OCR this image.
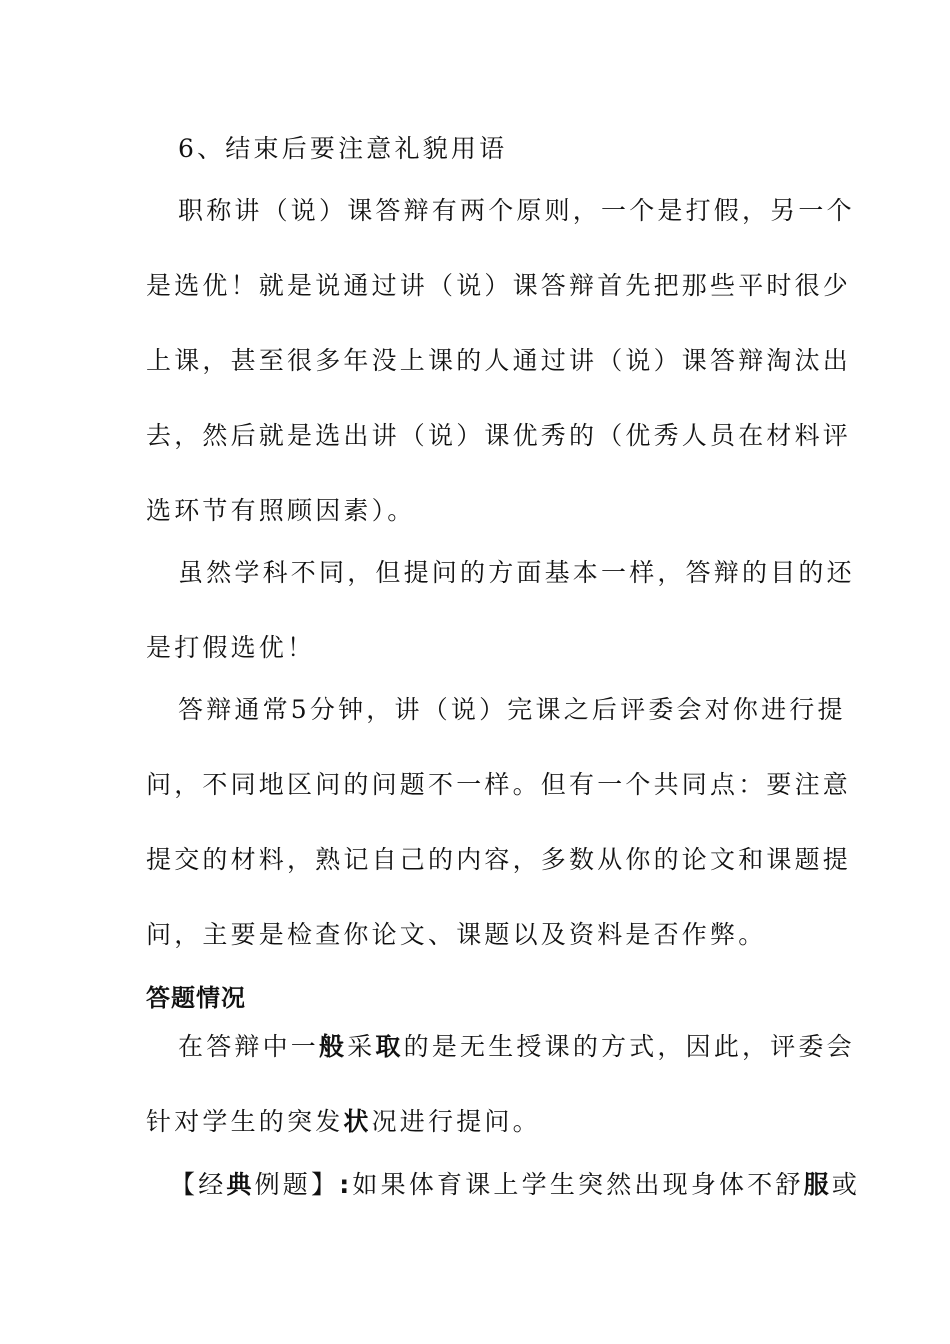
6、结束后要注意礼貌用语
职称讲（说）课答辩有两个原则，一个是打假，另一个
是选优！就是说通过讲（说）课答辩首先把那些平时很少
上课，甚至很多年没上课的人通过讲（说）课答辩淘汰出
去，然后就是选出讲（说）课优秀的（优秀人员在材料评
选环节有照顾因素）。
虽然学科不同，但提问的方面基本一样，答辩的目的还
是打假选优！
答辩通常5分钟，讲（说）完课之后评委会对你进行提
问，不同地区问的问题不一样。但有一个共同点：要注意
提交的材料，熟记自己的内容，多数从你的论文和课题提
问，主要是检查你论文、课题以及资料是否作弊。
答题情况
在答辩中一般采取的是无生授课的方式，因此，评委会
针对学生的突发状况进行提问。
【经典例题】:如果体育课上学生突然出现身体不舒服或
